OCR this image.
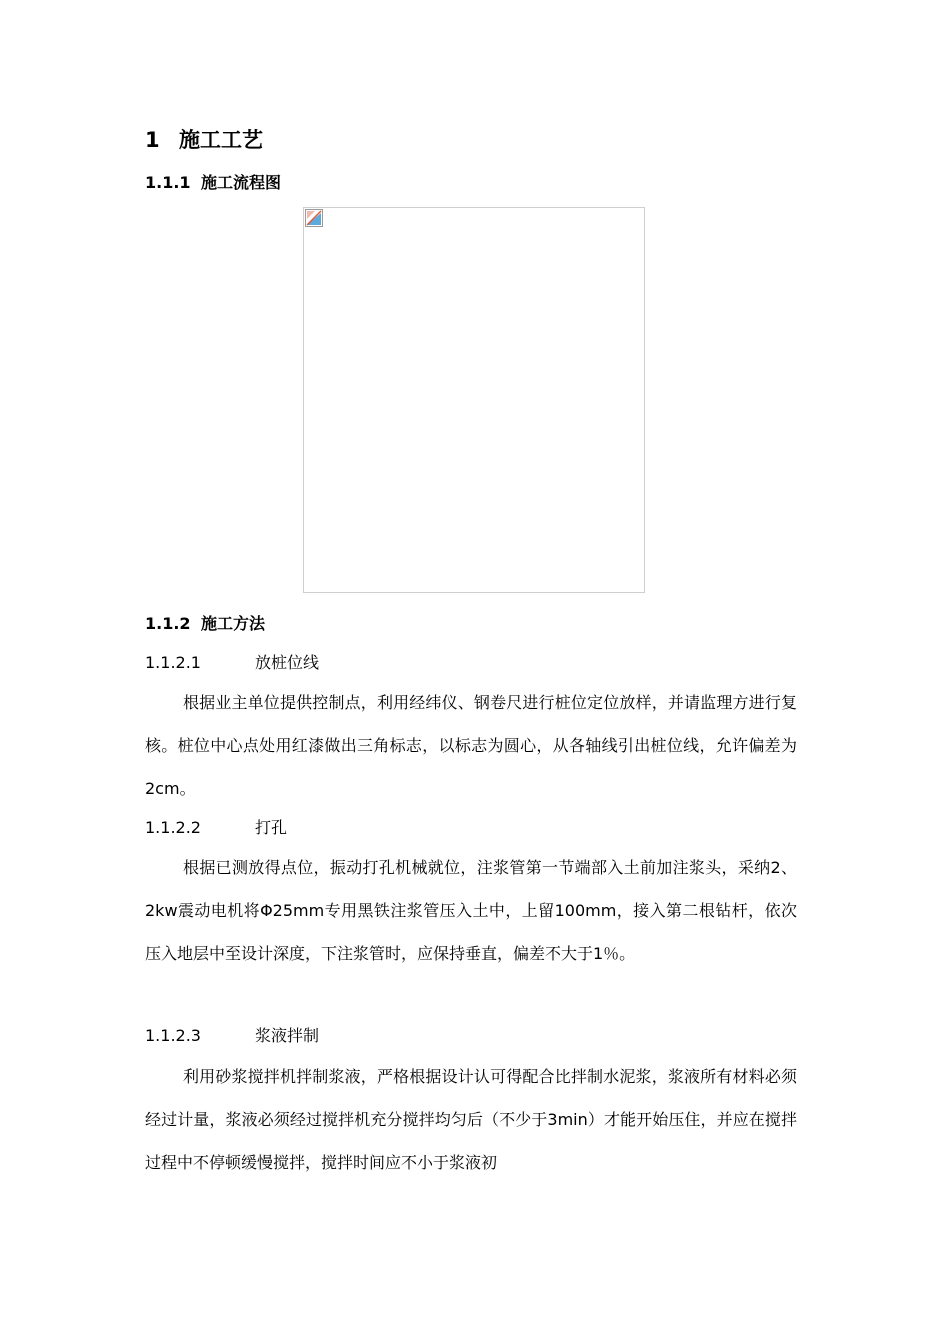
1 施工工艺
1.1.1 施工流程图
1.1.2 施工方法
1.1.2.1	放桩位线

根据业主单位提供控制点，利用经纬仪、钢卷尺进行桩位定位放样，并请监理方进行复核。桩位中心点处用红漆做出三角标志，以标志为圆心，从各轴线引出桩位线，允许偏差为2cm。

1.1.2.2	打孔

根据已测放得点位，振动打孔机械就位，注浆管第一节端部入土前加注浆头，采纳2、2kw震动电机将Φ25mm专用黑铁注浆管压入土中，上留100mm，接入第二根钻杆，依次压入地层中至设计深度，下注浆管时，应保持垂直，偏差不大于1％。

1.1.2.3	浆液拌制

利用砂浆搅拌机拌制浆液，严格根据设计认可得配合比拌制水泥浆，浆液所有材料必须经过计量，浆液必须经过搅拌机充分搅拌均匀后（不少于3min）才能开始压住，并应在搅拌过程中不停顿缓慢搅拌，搅拌时间应不小于浆液初
